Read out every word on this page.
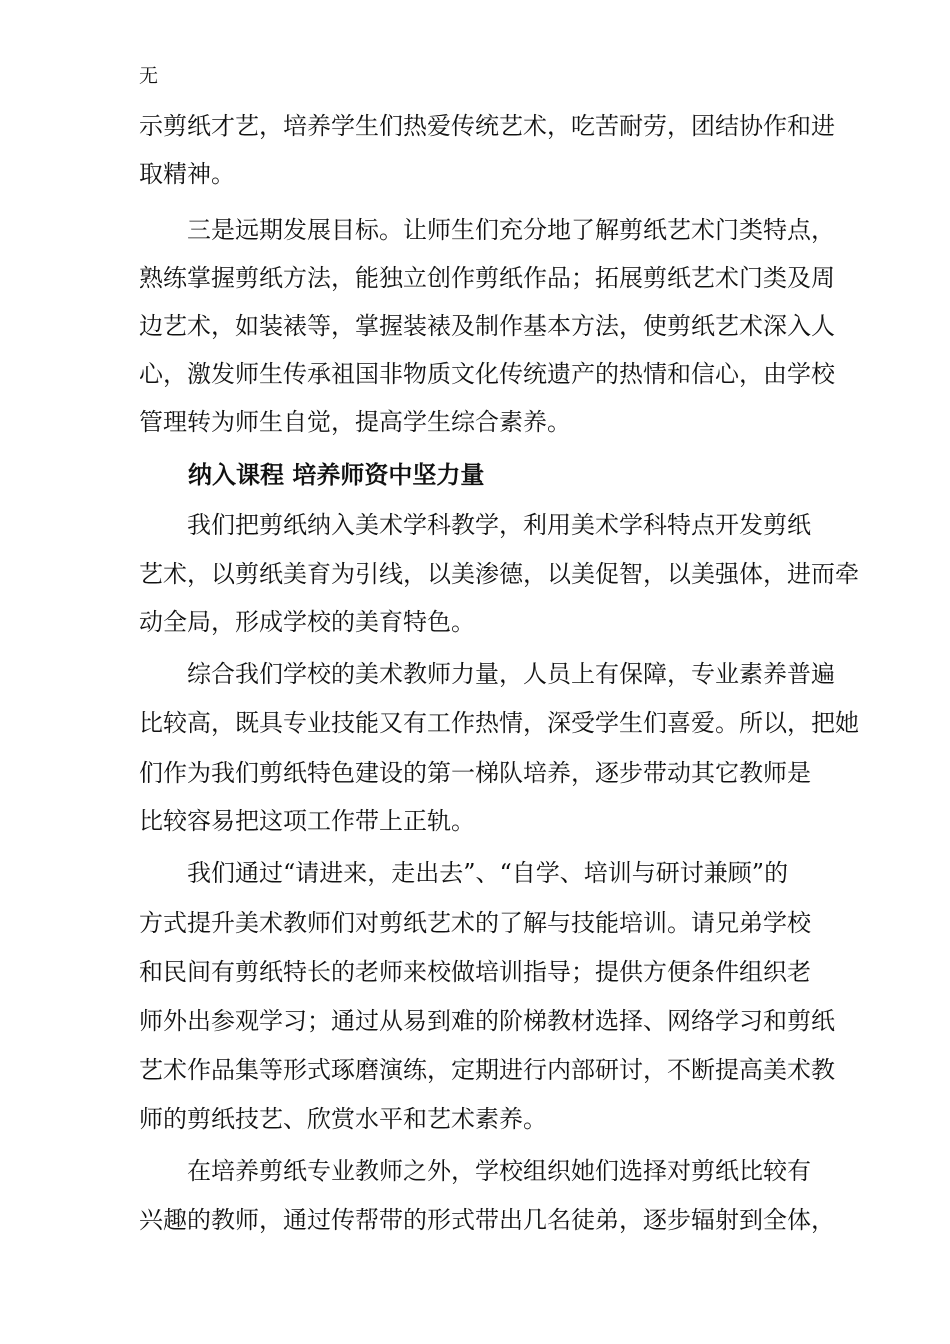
无
示剪纸才艺，培养学生们热爱传统艺术，吃苦耐劳，团结协作和进
取精神。
　　三是远期发展目标。让师生们充分地了解剪纸艺术门类特点，
熟练掌握剪纸方法，能独立创作剪纸作品；拓展剪纸艺术门类及周
边艺术，如装裱等，掌握装裱及制作基本方法，使剪纸艺术深入人
心，激发师生传承祖国非物质文化传统遗产的热情和信心，由学校
管理转为师生自觉，提高学生综合素养。
纳入课程 培养师资中坚力量
　　我们把剪纸纳入美术学科教学，利用美术学科特点开发剪纸
艺术，以剪纸美育为引线，以美渗德，以美促智，以美强体，进而牵
动全局，形成学校的美育特色。
　　综合我们学校的美术教师力量，人员上有保障，专业素养普遍
比较高，既具专业技能又有工作热情，深受学生们喜爱。所以，把她
们作为我们剪纸特色建设的第一梯队培养，逐步带动其它教师是
比较容易把这项工作带上正轨。
　　我们通过“请进来，走出去”、“自学、培训与研讨兼顾”的
方式提升美术教师们对剪纸艺术的了解与技能培训。请兄弟学校
和民间有剪纸特长的老师来校做培训指导；提供方便条件组织老
师外出参观学习；通过从易到难的阶梯教材选择、网络学习和剪纸
艺术作品集等形式琢磨演练，定期进行内部研讨，不断提高美术教
师的剪纸技艺、欣赏水平和艺术素养。
　　在培养剪纸专业教师之外，学校组织她们选择对剪纸比较有
兴趣的教师，通过传帮带的形式带出几名徒弟，逐步辐射到全体，
